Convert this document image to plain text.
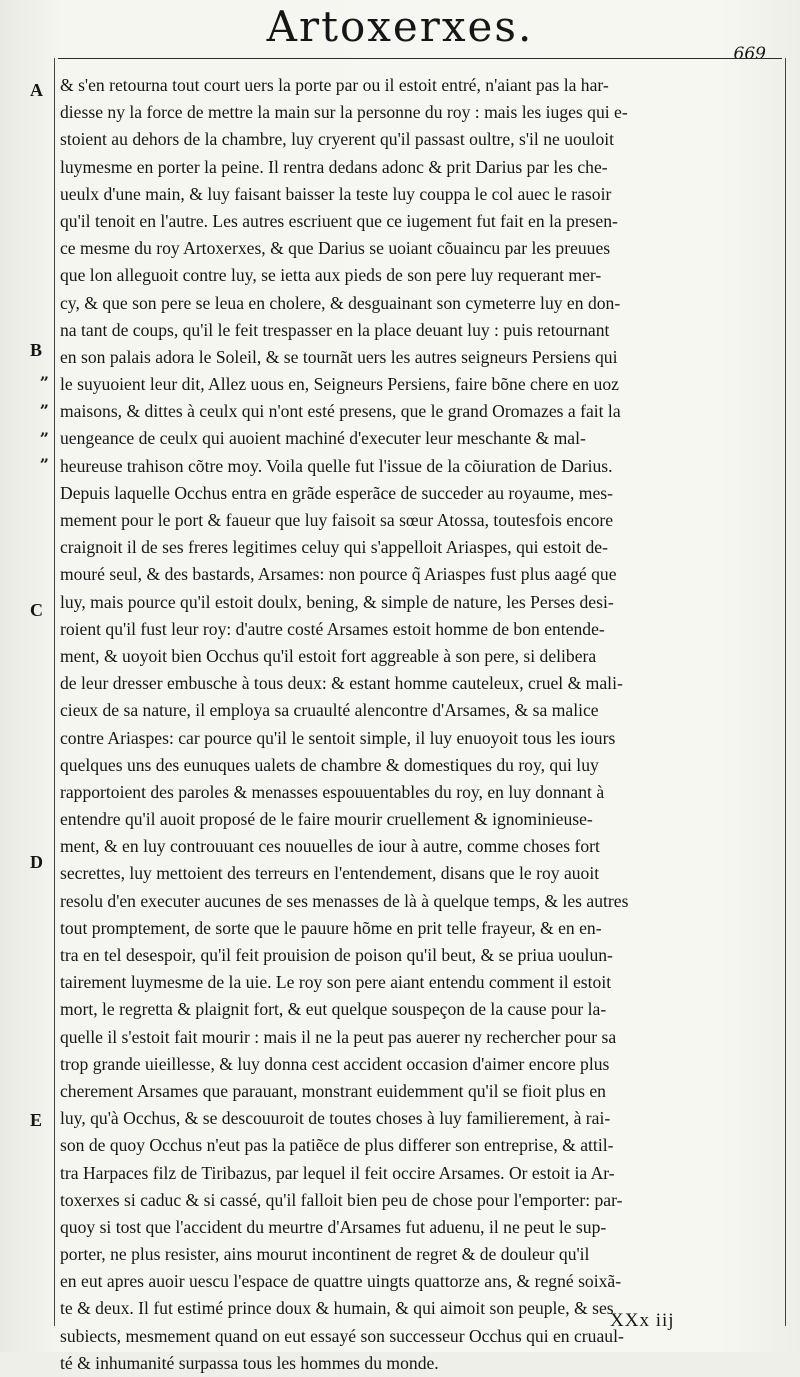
Artoxerxes.
669
A
B
„
„
„
„
C
D
E
& s'en retourna tout court uers la porte par ou il estoit entré, n'aiant pas la har-
diesse ny la force de mettre la main sur la personne du roy : mais les iuges qui e-
stoient au dehors de la chambre, luy cryerent qu'il passast oultre, s'il ne uouloit
luymesme en porter la peine. Il rentra dedans adonc & prit Darius par les che-
ueulx d'une main, & luy faisant baisser la teste luy couppa le col auec le rasoir
qu'il tenoit en l'autre. Les autres escriuent que ce iugement fut fait en la presen-
ce mesme du roy Artoxerxes, & que Darius se uoiant cõuaincu par les preuues
que lon alleguoit contre luy, se ietta aux pieds de son pere luy requerant mer-
cy, & que son pere se leua en cholere, & desguainant son cymeterre luy en don-
na tant de coups, qu'il le feit trespasser en la place deuant luy : puis retournant
en son palais adora le Soleil, & se tournãt uers les autres seigneurs Persiens qui
le suyuoient leur dit, Allez uous en, Seigneurs Persiens, faire bõne chere en uoz
maisons, & dittes à ceulx qui n'ont esté presens, que le grand Oromazes a fait la
uengeance de ceulx qui auoient machiné d'executer leur meschante & mal-
heureuse trahison cõtre moy. Voila quelle fut l'issue de la cõiuration de Darius.
Depuis laquelle Occhus entra en grãde esperãce de succeder au royaume, mes-
mement pour le port & faueur que luy faisoit sa sœur Atossa, toutesfois encore
craignoit il de ses freres legitimes celuy qui s'appelloit Ariaspes, qui estoit de-
mouré seul, & des bastards, Arsames: non pource q̃ Ariaspes fust plus aagé que
luy, mais pource qu'il estoit doulx, bening, & simple de nature, les Perses desi-
roient qu'il fust leur roy: d'autre costé Arsames estoit homme de bon entende-
ment, & uoyoit bien Occhus qu'il estoit fort aggreable à son pere, si delibera
de leur dresser embusche à tous deux: & estant homme cauteleux, cruel & mali-
cieux de sa nature, il employa sa cruaulté alencontre d'Arsames, & sa malice
contre Ariaspes: car pource qu'il le sentoit simple, il luy enuoyoit tous les iours
quelques uns des eunuques ualets de chambre & domestiques du roy, qui luy
rapportoient des paroles & menasses espouuentables du roy, en luy donnant à
entendre qu'il auoit proposé de le faire mourir cruellement & ignominieuse-
ment, & en luy controuuant ces nouuelles de iour à autre, comme choses fort
secrettes, luy mettoient des terreurs en l'entendement, disans que le roy auoit
resolu d'en executer aucunes de ses menasses de là à quelque temps, & les autres
tout promptement, de sorte que le pauure hõme en prit telle frayeur, & en en-
tra en tel desespoir, qu'il feit prouision de poison qu'il beut, & se priua uoulun-
tairement luymesme de la uie. Le roy son pere aiant entendu comment il estoit
mort, le regretta & plaignit fort, & eut quelque souspeçon de la cause pour la-
quelle il s'estoit fait mourir : mais il ne la peut pas auerer ny rechercher pour sa
trop grande uieillesse, & luy donna cest accident occasion d'aimer encore plus
cherement Arsames que parauant, monstrant euidemment qu'il se fioit plus en
luy, qu'à Occhus, & se descouuroit de toutes choses à luy familierement, à rai-
son de quoy Occhus n'eut pas la patiẽce de plus differer son entreprise, & attil-
tra Harpaces filz de Tiribazus, par lequel il feit occire Arsames. Or estoit ia Ar-
toxerxes si caduc & si cassé, qu'il falloit bien peu de chose pour l'emporter: par-
quoy si tost que l'accident du meurtre d'Arsames fut aduenu, il ne peut le sup-
porter, ne plus resister, ains mourut incontinent de regret & de douleur qu'il
en eut apres auoir uescu l'espace de quattre uingts quattorze ans, & regné soixã-
te & deux. Il fut estimé prince doux & humain, & qui aimoit son peuple, & ses
subiects, mesmement quand on eut essayé son successeur Occhus qui en cruaul-
té & inhumanité surpassa tous les hommes du monde.
XXx iij
